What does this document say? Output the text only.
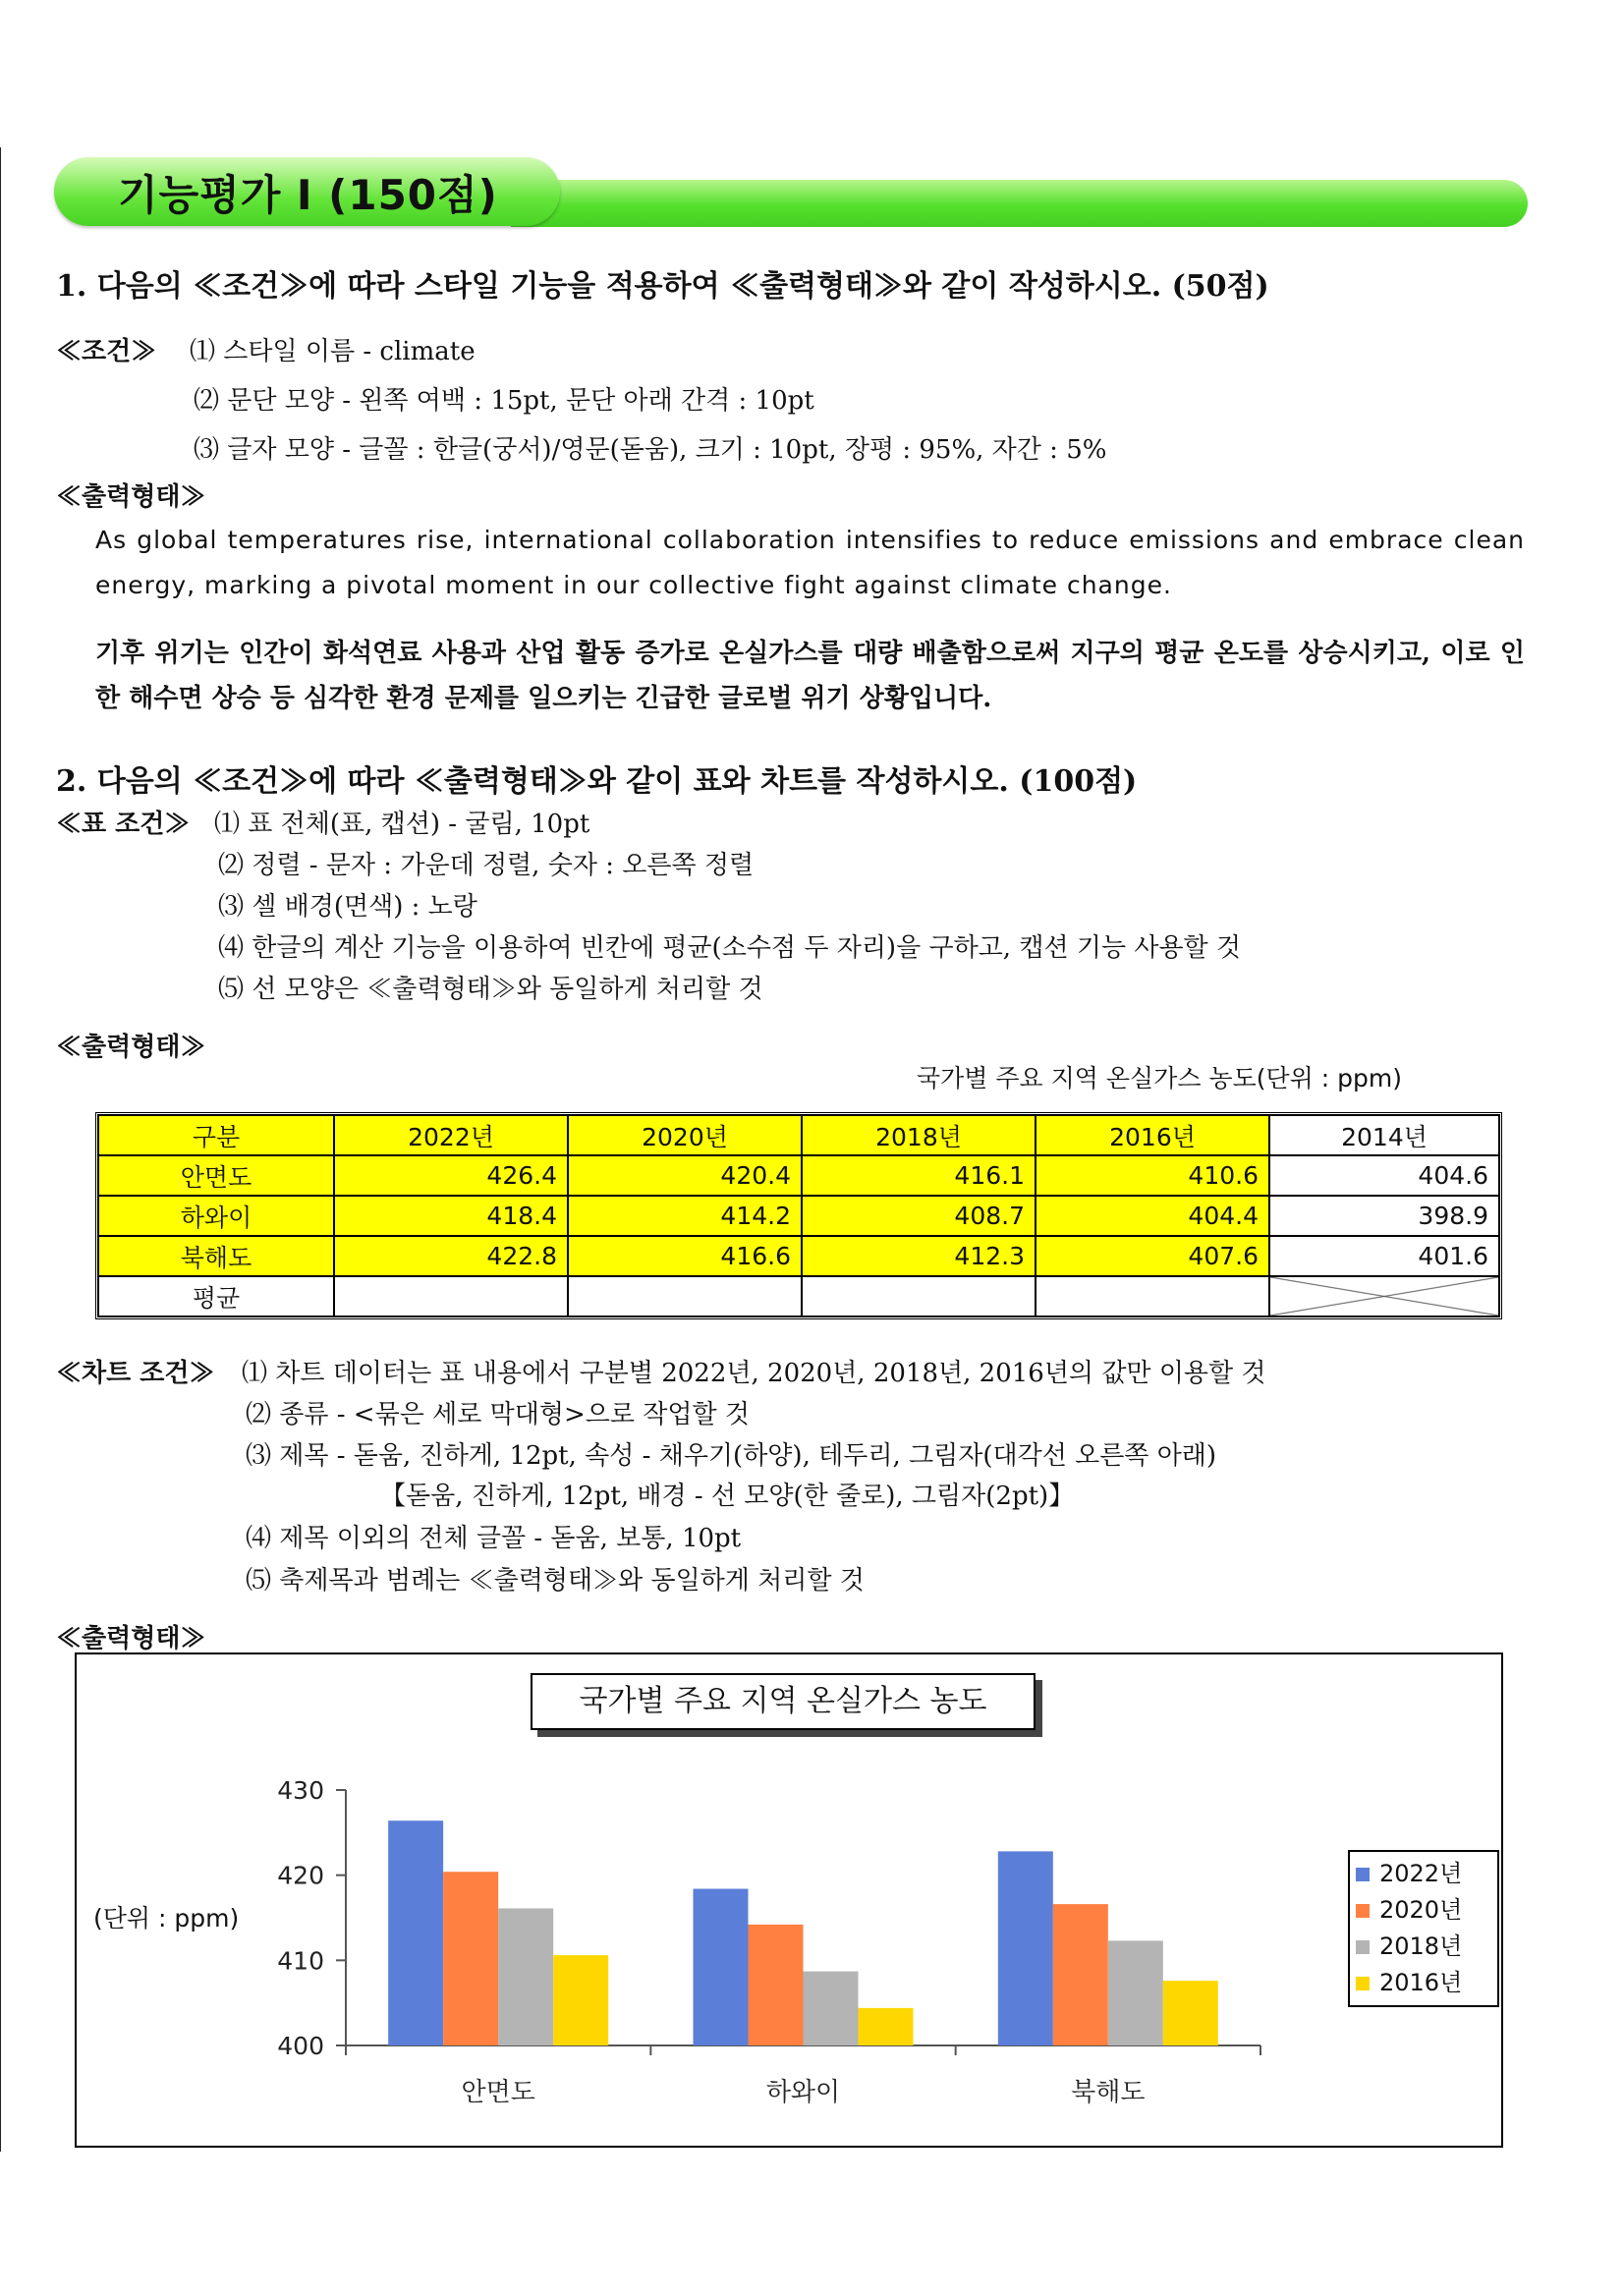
기능평가 Ⅰ (150점)
1. 다음의 ≪조건≫에 따라 스타일 기능을 적용하여 ≪출력형태≫와 같이 작성하시오. (50점)
≪조건≫ ⑴ 스타일 이름 - climate
⑵ 문단 모양 - 왼쪽 여백 : 15pt, 문단 아래 간격 : 10pt
⑶ 글자 모양 - 글꼴 : 한글(궁서)/영문(돋움), 크기 : 10pt, 장평 : 95%, 자간 : 5%
≪출력형태≫
As global temperatures rise, international collaboration intensifies to reduce emissions and embrace clean energy, marking a pivotal moment in our collective fight against climate change.
기후 위기는 인간이 화석연료 사용과 산업 활동 증가로 온실가스를 대량 배출함으로써 지구의 평균 온도를 상승시키고, 이로 인한 해수면 상승 등 심각한 환경 문제를 일으키는 긴급한 글로벌 위기 상황입니다.
2. 다음의 ≪조건≫에 따라 ≪출력형태≫와 같이 표와 차트를 작성하시오. (100점)
≪표 조건≫ ⑴ 표 전체(표, 캡션) - 굴림, 10pt
⑵ 정렬 - 문자 : 가운데 정렬, 숫자 : 오른쪽 정렬
⑶ 셀 배경(면색) : 노랑
⑷ 한글의 계산 기능을 이용하여 빈칸에 평균(소수점 두 자리)을 구하고, 캡션 기능 사용할 것
⑸ 선 모양은 ≪출력형태≫와 동일하게 처리할 것
≪출력형태≫
국가별 주요 지역 온실가스 농도(단위 : ppm)
구분	2022년	2020년	2018년	2016년	2014년
안면도	426.4	420.4	416.1	410.6	404.6
하와이	418.4	414.2	408.7	404.4	398.9
북해도	422.8	416.6	412.3	407.6	401.6
평균					
≪차트 조건≫ ⑴ 차트 데이터는 표 내용에서 구분별 2022년, 2020년, 2018년, 2016년의 값만 이용할 것
⑵ 종류 - <묶은 세로 막대형>으로 작업할 것
⑶ 제목 - 돋움, 진하게, 12pt, 속성 - 채우기(하양), 테두리, 그림자(대각선 오른쪽 아래)
【돋움, 진하게, 12pt, 배경 - 선 모양(한 줄로), 그림자(2pt)】
⑷ 제목 이외의 전체 글꼴 - 돋움, 보통, 10pt
⑸ 축제목과 범례는 ≪출력형태≫와 동일하게 처리할 것
≪출력형태≫
국가별 주요 지역 온실가스 농도
(단위 : ppm)
400
410
420
430
안면도	하와이	북해도
2022년
2020년
2018년
2016년
